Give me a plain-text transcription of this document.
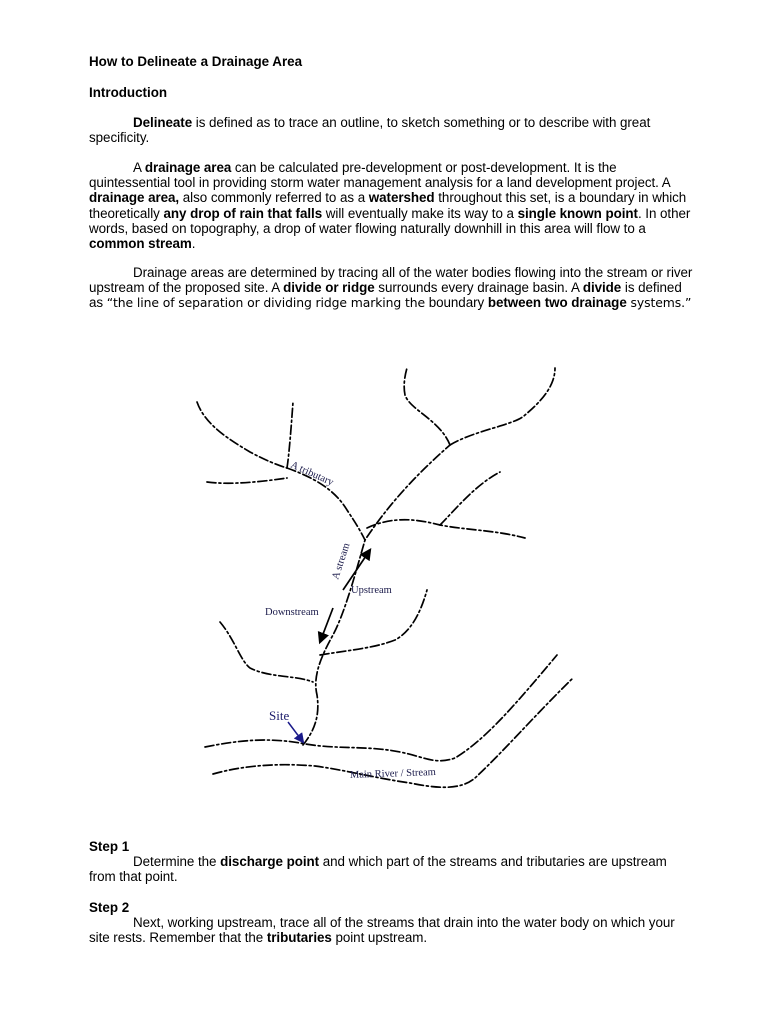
How to Delineate a Drainage Area

Introduction

Delineate is defined as to trace an outline, to sketch something or to describe with great specificity.

A drainage area can be calculated pre-development or post-development. It is the quintessential tool in providing storm water management analysis for a land development project. A drainage area, also commonly referred to as a watershed throughout this set, is a boundary in which theoretically any drop of rain that falls will eventually make its way to a single known point. In other words, based on topography, a drop of water flowing naturally downhill in this area will flow to a common stream.

Drainage areas are determined by tracing all of the water bodies flowing into the stream or river upstream of the proposed site. A divide or ridge surrounds every drainage basin. A divide is defined as “the line of separation or dividing ridge marking the boundary between two drainage systems.”

A tributary
A stream
Upstream
Downstream
Site
Main River / Stream

Step 1

Determine the discharge point and which part of the streams and tributaries are upstream from that point.

Step 2

Next, working upstream, trace all of the streams that drain into the water body on which your site rests. Remember that the tributaries point upstream.
